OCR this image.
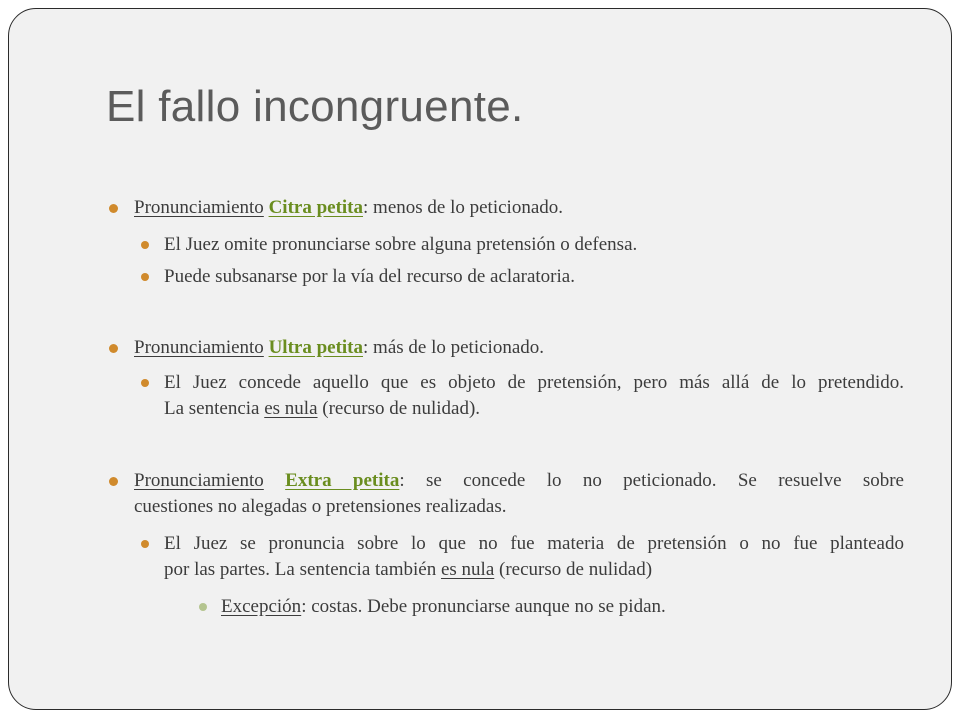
El fallo incongruente.
Pronunciamiento Citra petita: menos de lo peticionado.
El Juez omite pronunciarse sobre alguna pretensión o defensa.
Puede subsanarse por la vía del recurso de aclaratoria.
Pronunciamiento Ultra petita: más de lo peticionado.
El Juez concede aquello que es objeto de pretensión, pero más allá de lo pretendido.
La sentencia es nula (recurso de nulidad).
Pronunciamiento Extra petita: se concede lo no peticionado. Se resuelve sobre
cuestiones no alegadas o pretensiones realizadas.
El Juez se pronuncia sobre lo que no fue materia de pretensión o no fue planteado
por las partes. La sentencia también es nula (recurso de nulidad)
Excepción: costas. Debe pronunciarse aunque no se pidan.
